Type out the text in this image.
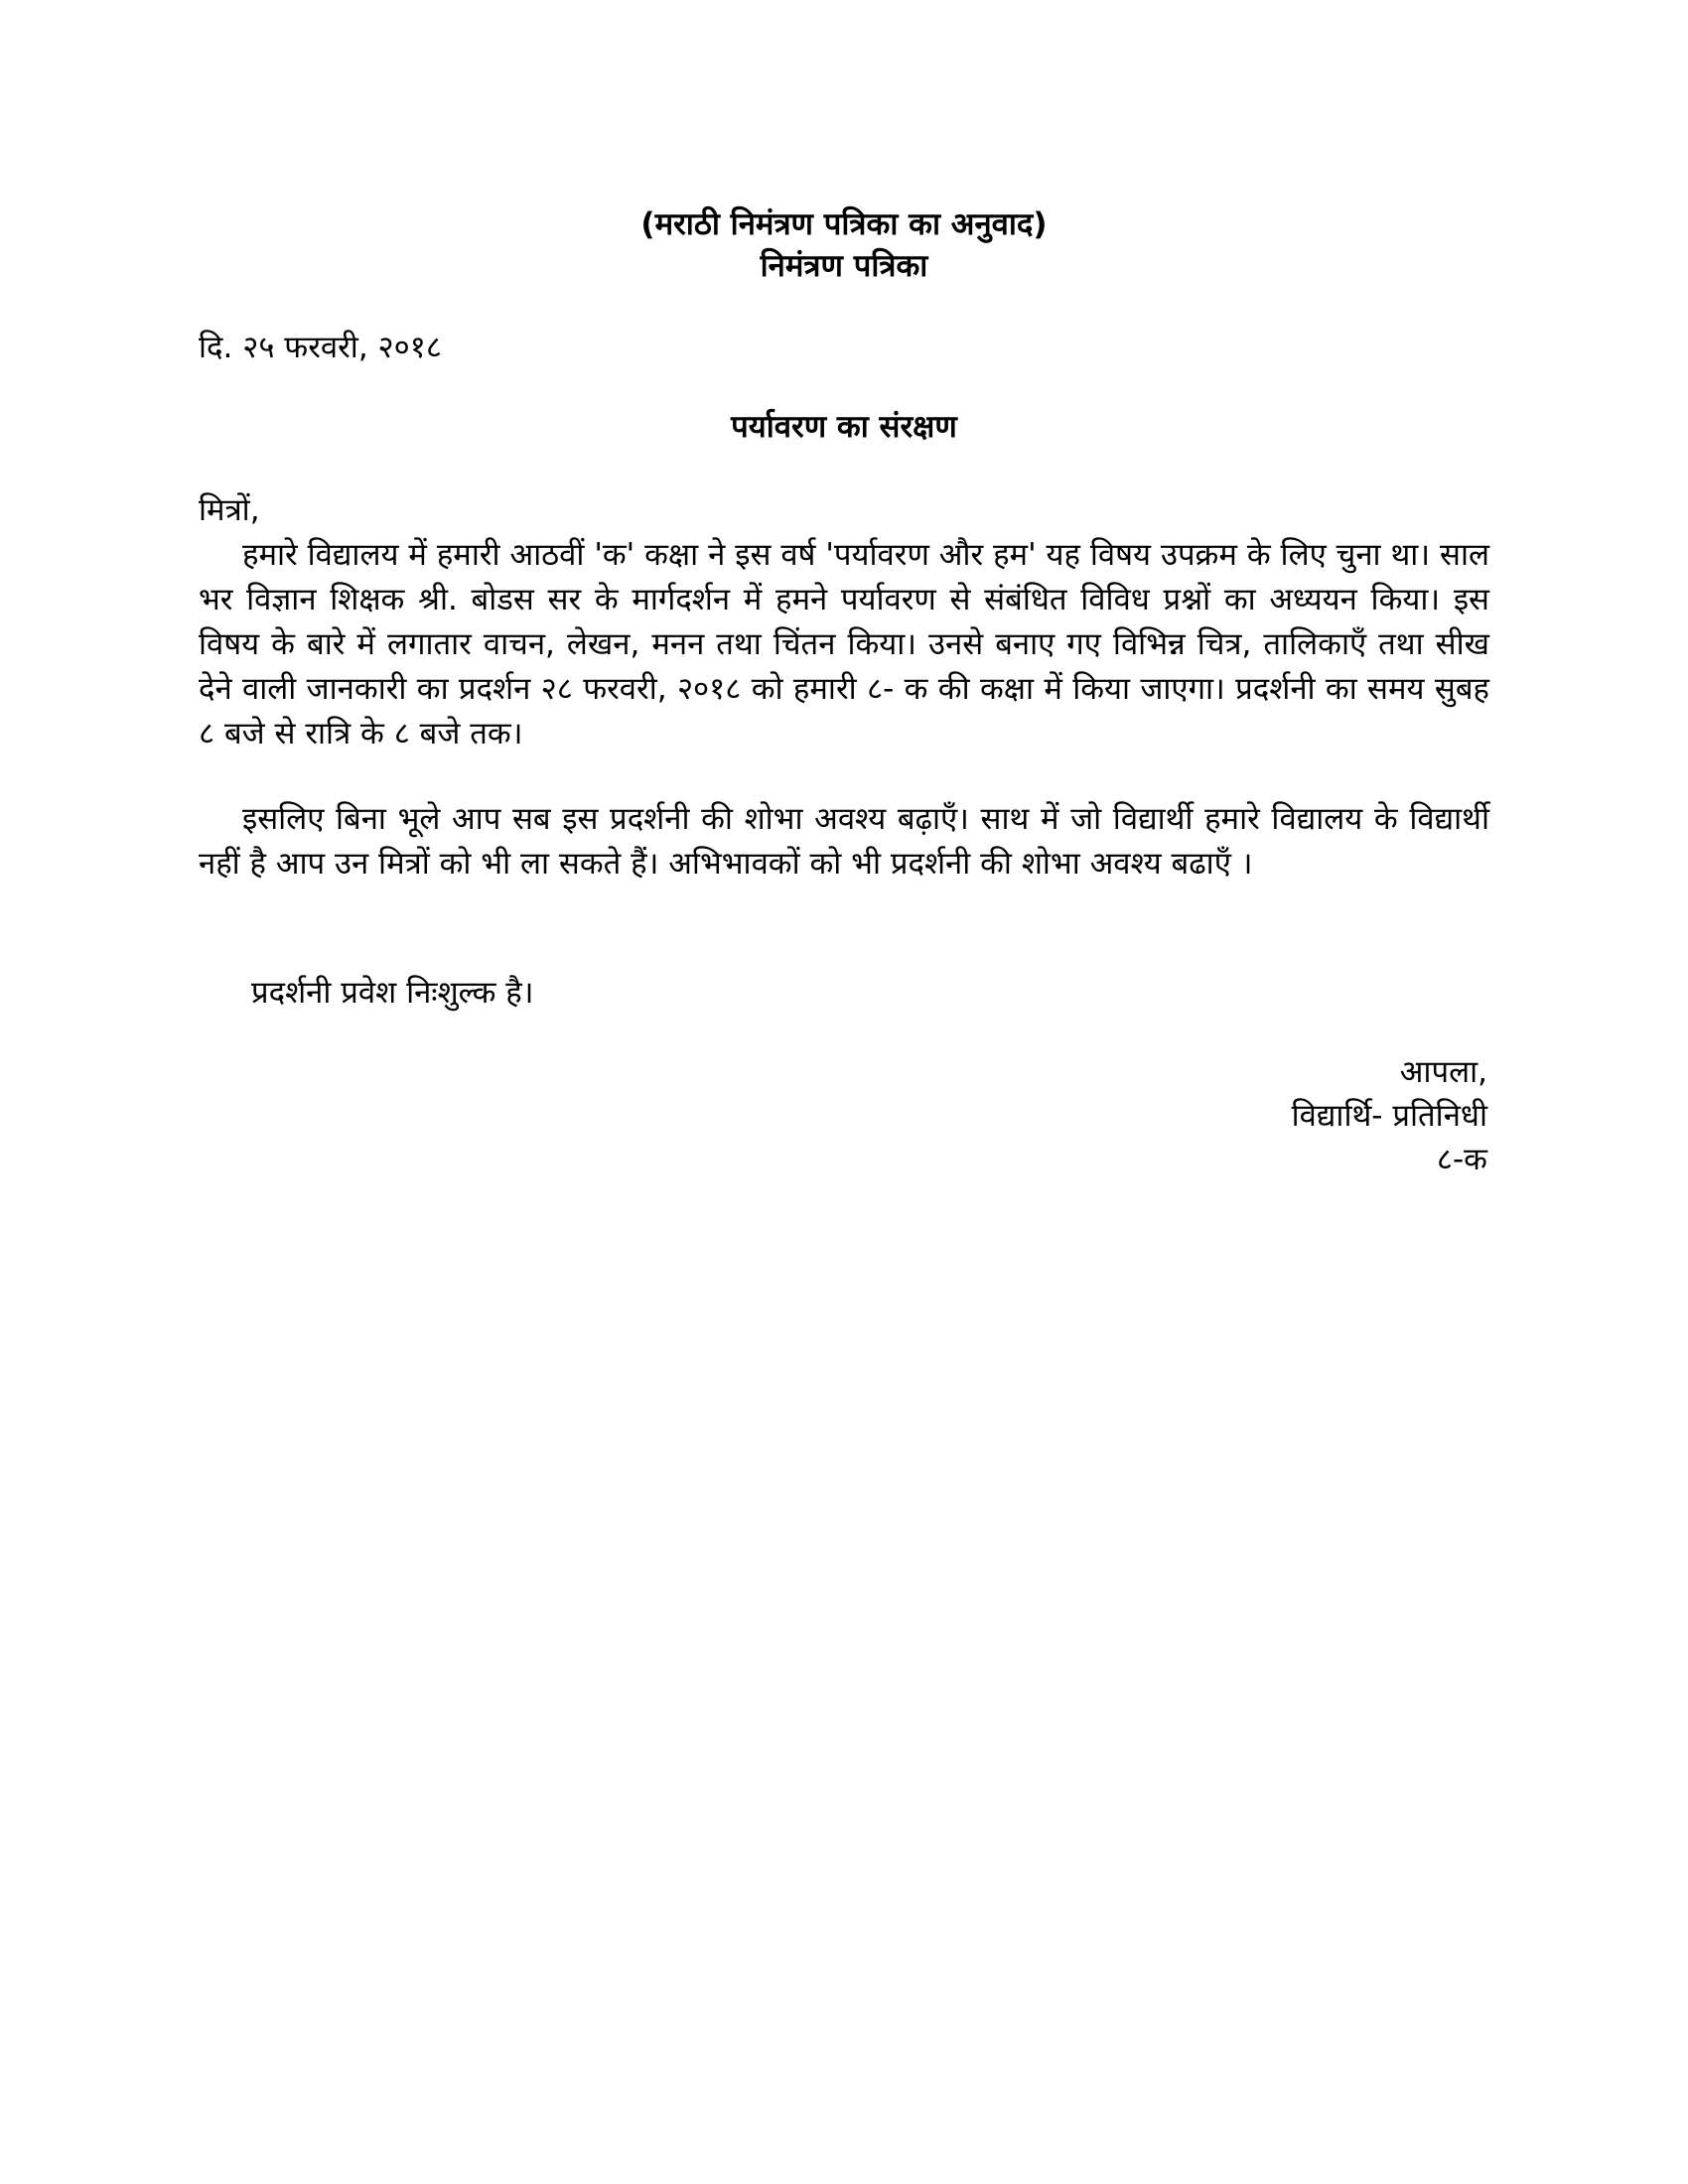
(मराठी निमंत्रण पत्रिका का अनुवाद)
निमंत्रण पत्रिका
दि. २५ फरवरी, २०१८
पर्यावरण का संरक्षण
मित्रों,

हमारे विद्यालय में हमारी आठवीं 'क' कक्षा ने इस वर्ष 'पर्यावरण और हम' यह विषय उपक्रम के लिए चुना था। साल भर विज्ञान शिक्षक श्री. बोडस सर के मार्गदर्शन में हमने पर्यावरण से संबंधित विविध प्रश्नों का अध्ययन किया। इस विषय के बारे में लगातार वाचन, लेखन, मनन तथा चिंतन किया। उनसे बनाए गए विभिन्न चित्र, तालिकाएँ तथा सीख देने वाली जानकारी का प्रदर्शन २८ फरवरी, २०१८ को हमारी ८- क की कक्षा में किया जाएगा। प्रदर्शनी का समय सुबह ८ बजे से रात्रि के ८ बजे तक।

इसलिए बिना भूले आप सब इस प्रदर्शनी की शोभा अवश्य बढ़ाएँ। साथ में जो विद्यार्थी हमारे विद्यालय के विद्यार्थी नहीं है आप उन मित्रों को भी ला सकते हैं। अभिभावकों को भी प्रदर्शनी की शोभा अवश्य बढाएँ ।

प्रदर्शनी प्रवेश निःशुल्क है।
आपला,
विद्यार्थि- प्रतिनिधी
८-क
